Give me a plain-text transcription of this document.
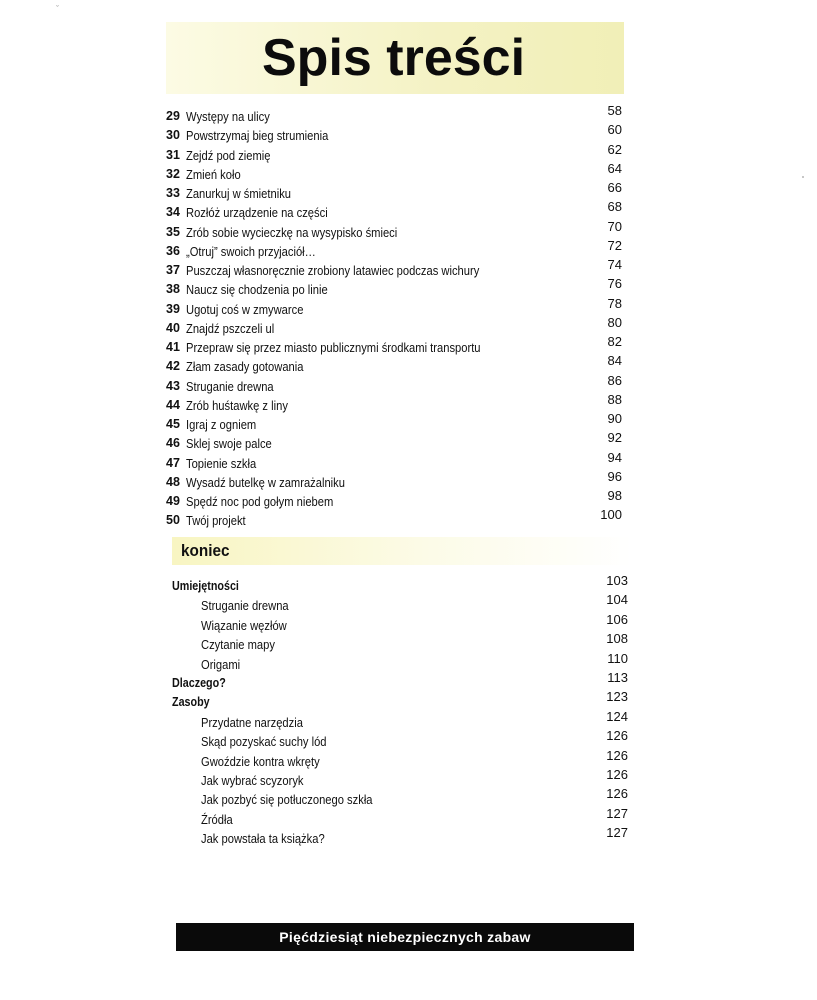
ˇ
Spis treści
29 Występy na ulicy	58
30 Powstrzymaj bieg strumienia	60
31 Zejdź pod ziemię	62
32 Zmień koło	64
33 Zanurkuj w śmietniku	66
34 Rozłóż urządzenie na części	68
35 Zrób sobie wycieczkę na wysypisko śmieci	70
36 „Otruj” swoich przyjaciół…	72
37 Puszczaj własnoręcznie zrobiony latawiec podczas wichury	74
38 Naucz się chodzenia po linie	76
39 Ugotuj coś w zmywarce	78
40 Znajdź pszczeli ul	80
41 Przepraw się przez miasto publicznymi środkami transportu	82
42 Złam zasady gotowania	84
43 Struganie drewna	86
44 Zrób huśtawkę z liny	88
45 Igraj z ogniem	90
46 Sklej swoje palce	92
47 Topienie szkła	94
48 Wysadź butelkę w zamrażalniku	96
49 Spędź noc pod gołym niebem	98
50 Twój projekt	100
koniec
Umiejętności	103
Struganie drewna	104
Wiązanie węzłów	106
Czytanie mapy	108
Origami	110
Dlaczego?	113
Zasoby	123
Przydatne narzędzia	124
Skąd pozyskać suchy lód	126
Gwoździe kontra wkręty	126
Jak wybrać scyzoryk	126
Jak pozbyć się potłuczonego szkła	126
Źródła	127
Jak powstała ta książka?	127
Pięćdziesiąt niebezpiecznych zabaw
